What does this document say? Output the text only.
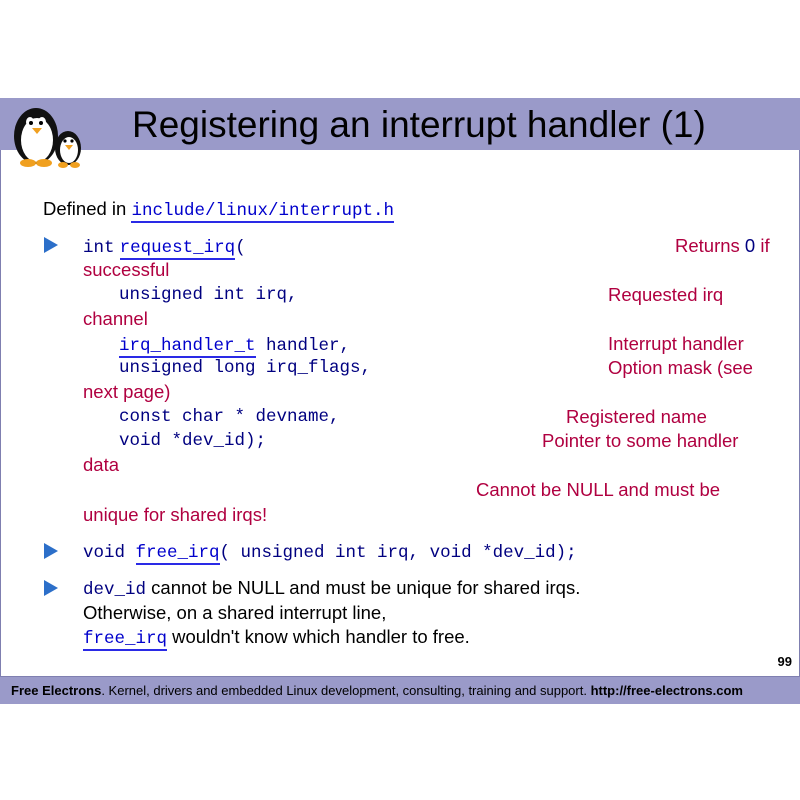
Registering an interrupt handler (1)
Defined in include/linux/interrupt.h
int request_irq(	Returns 0 if
successful
unsigned int irq,	Requested irq
channel
irq_handler_t handler,	Interrupt handler
unsigned long irq_flags,	Option mask (see
next page)
const char * devname,	Registered name
void *dev_id);	Pointer to some handler
data
Cannot be NULL and must be
unique for shared irqs!
void free_irq( unsigned int irq, void *dev_id);
dev_id cannot be NULL and must be unique for shared irqs.
Otherwise, on a shared interrupt line,
free_irq wouldn't know which handler to free.
99
Free Electrons. Kernel, drivers and embedded Linux development, consulting, training and support. http://free-electrons.com
